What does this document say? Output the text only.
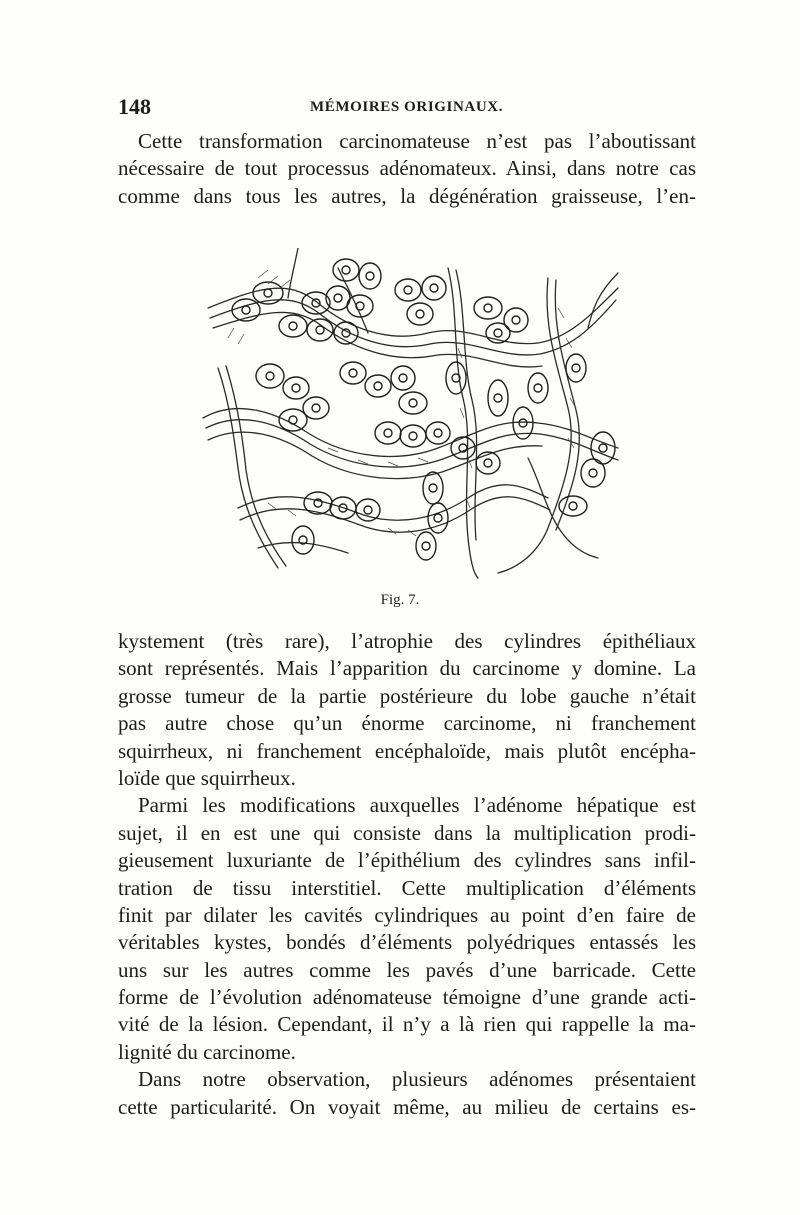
148	MÉMOIRES ORIGINAUX.
Cette transformation carcinomateuse n’est pas l’aboutissant
nécessaire de tout processus adénomateux. Ainsi, dans notre cas
comme dans tous les autres, la dégénération graisseuse, l’en-
Fig. 7.
kystement (très rare), l’atrophie des cylindres épithéliaux
sont représentés. Mais l’apparition du carcinome y domine. La
grosse tumeur de la partie postérieure du lobe gauche n’était
pas autre chose qu’un énorme carcinome, ni franchement
squirrheux, ni franchement encéphaloïde, mais plutôt encépha-
loïde que squirrheux.
Parmi les modifications auxquelles l’adénome hépatique est
sujet, il en est une qui consiste dans la multiplication prodi-
gieusement luxuriante de l’épithélium des cylindres sans infil-
tration de tissu interstitiel. Cette multiplication d’éléments
finit par dilater les cavités cylindriques au point d’en faire de
véritables kystes, bondés d’éléments polyédriques entassés les
uns sur les autres comme les pavés d’une barricade. Cette
forme de l’évolution adénomateuse témoigne d’une grande acti-
vité de la lésion. Cependant, il n’y a là rien qui rappelle la ma-
lignité du carcinome.
Dans notre observation, plusieurs adénomes présentaient
cette particularité. On voyait même, au milieu de certains es-
